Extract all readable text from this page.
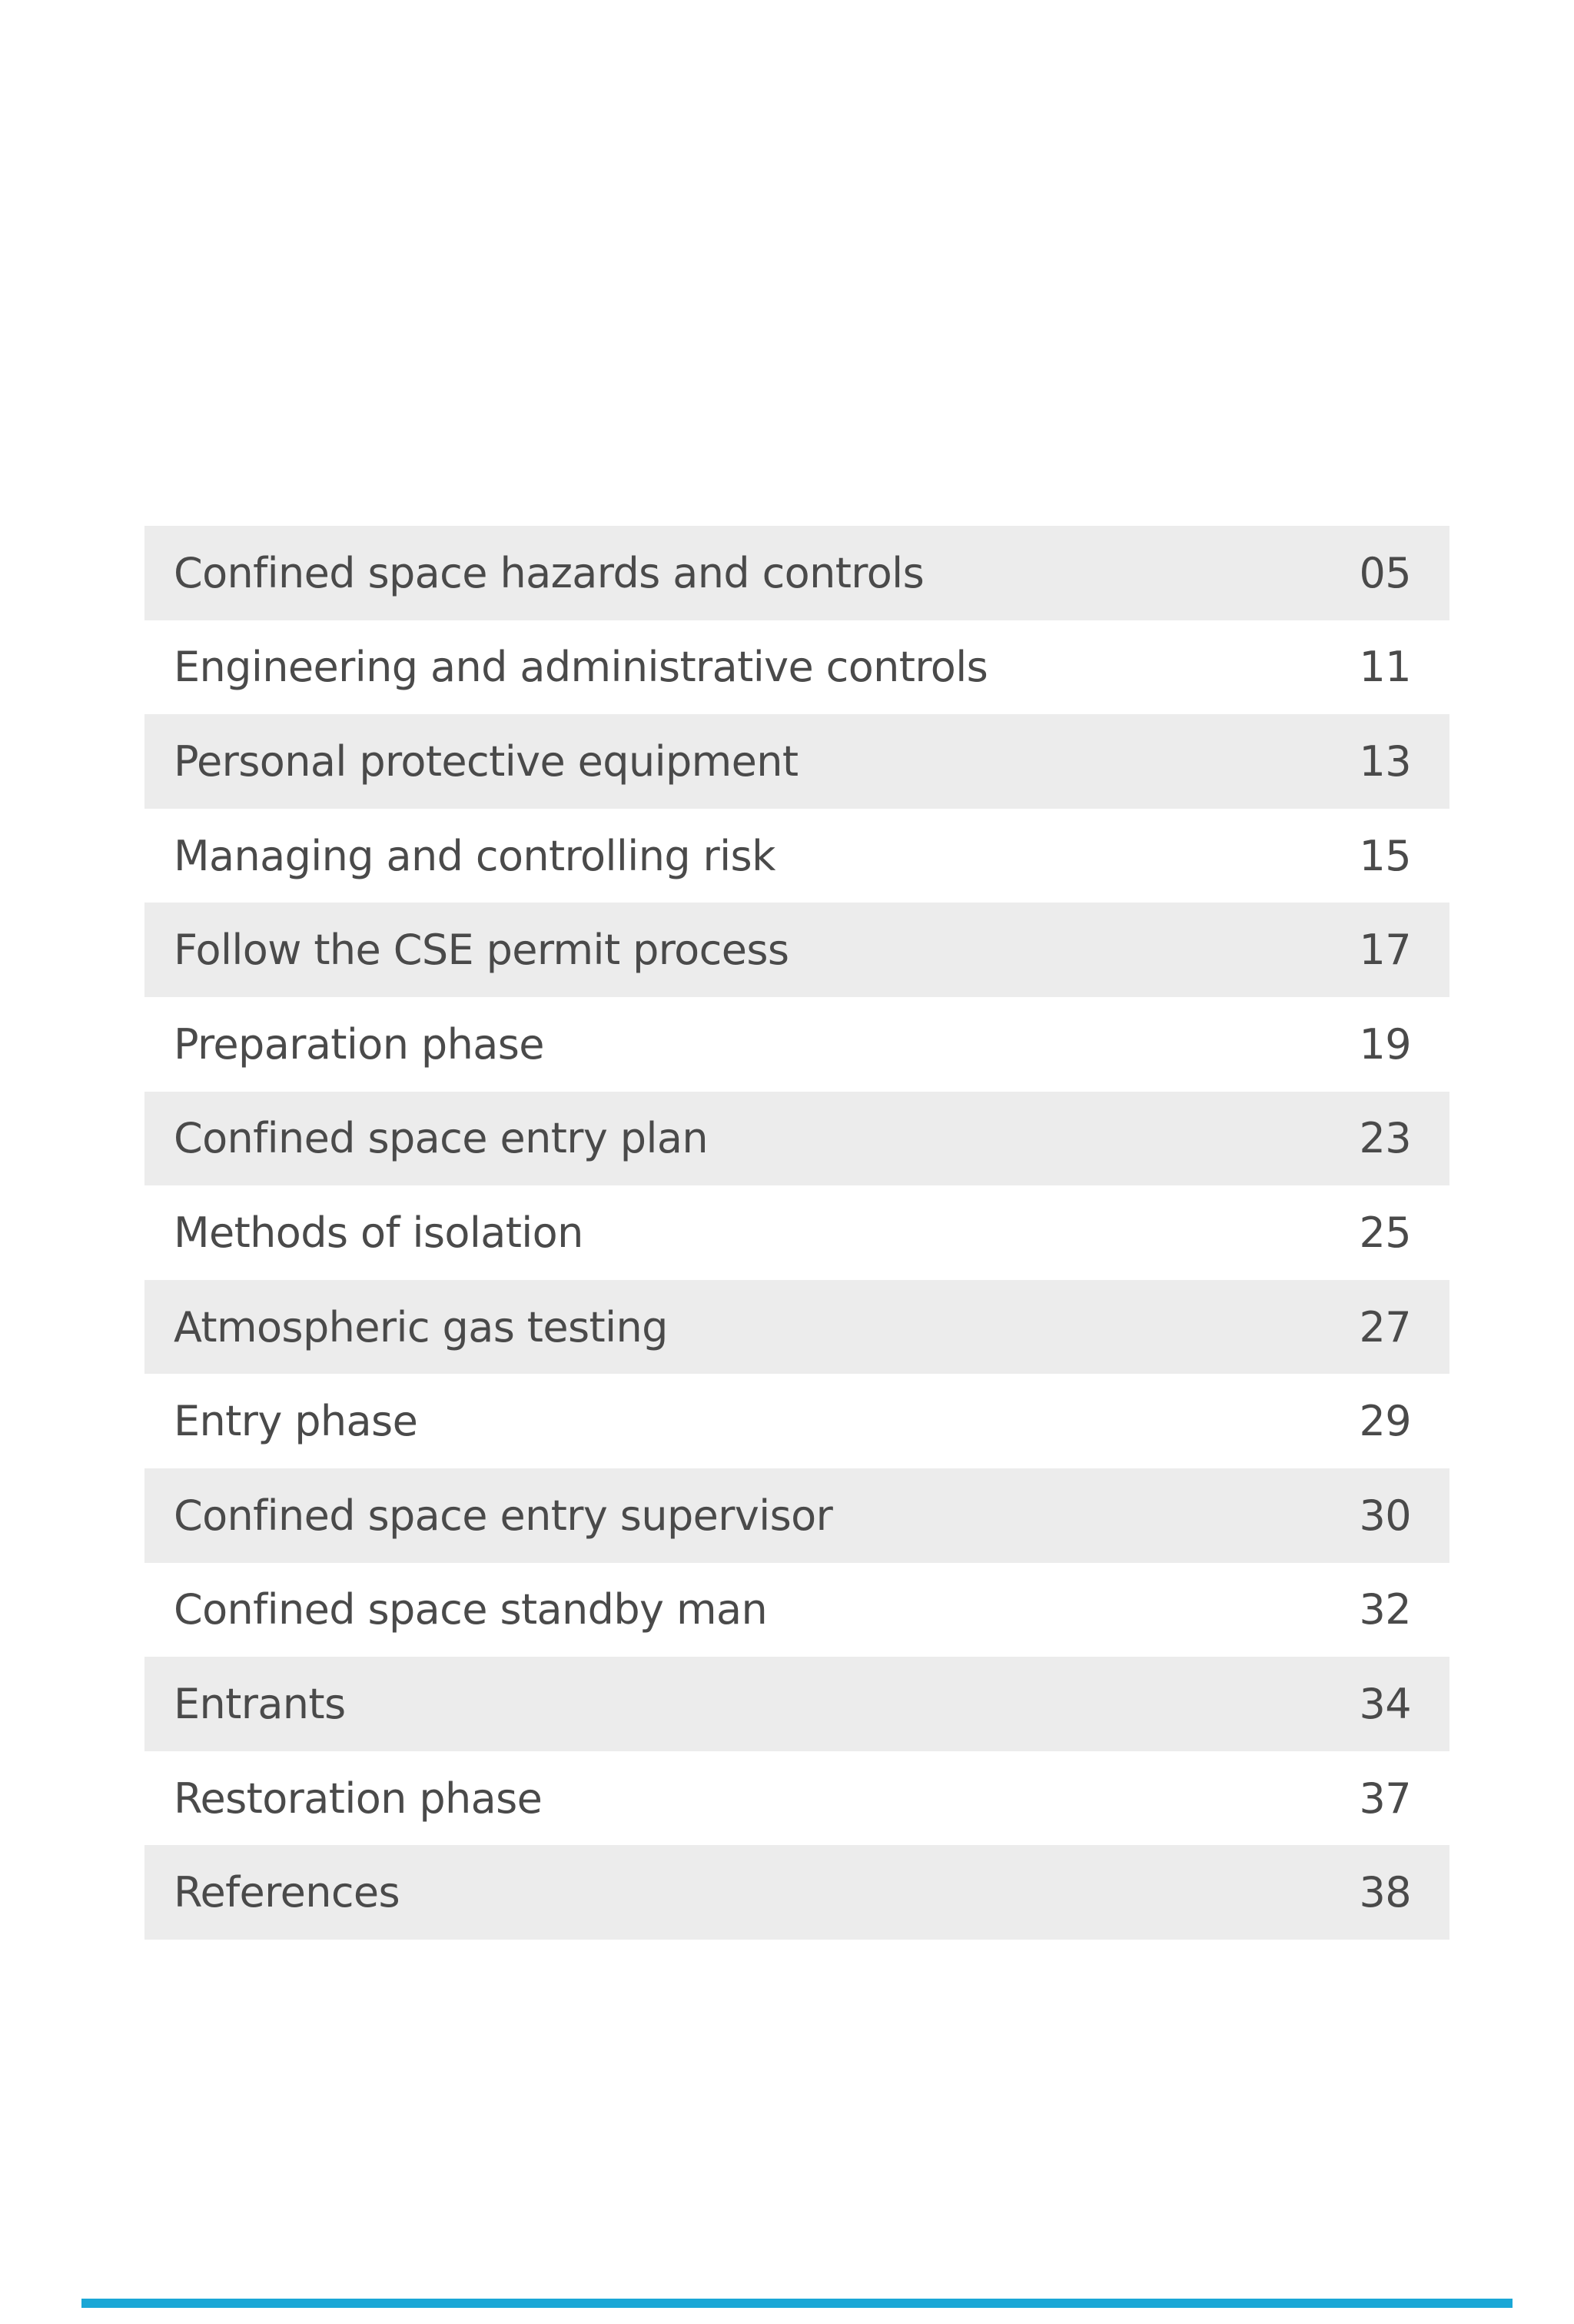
table of
contents
Confined space hazards and controls	05
Engineering and administrative controls	11
Personal protective equipment	13
Managing and controlling risk	15
Follow the CSE permit process	17
Preparation phase	19
Confined space entry plan	23
Methods of isolation	25
Atmospheric gas testing	27
Entry phase	29
Confined space entry supervisor	30
Confined space standby man	32
Entrants	34
Restoration phase	37
References	38
